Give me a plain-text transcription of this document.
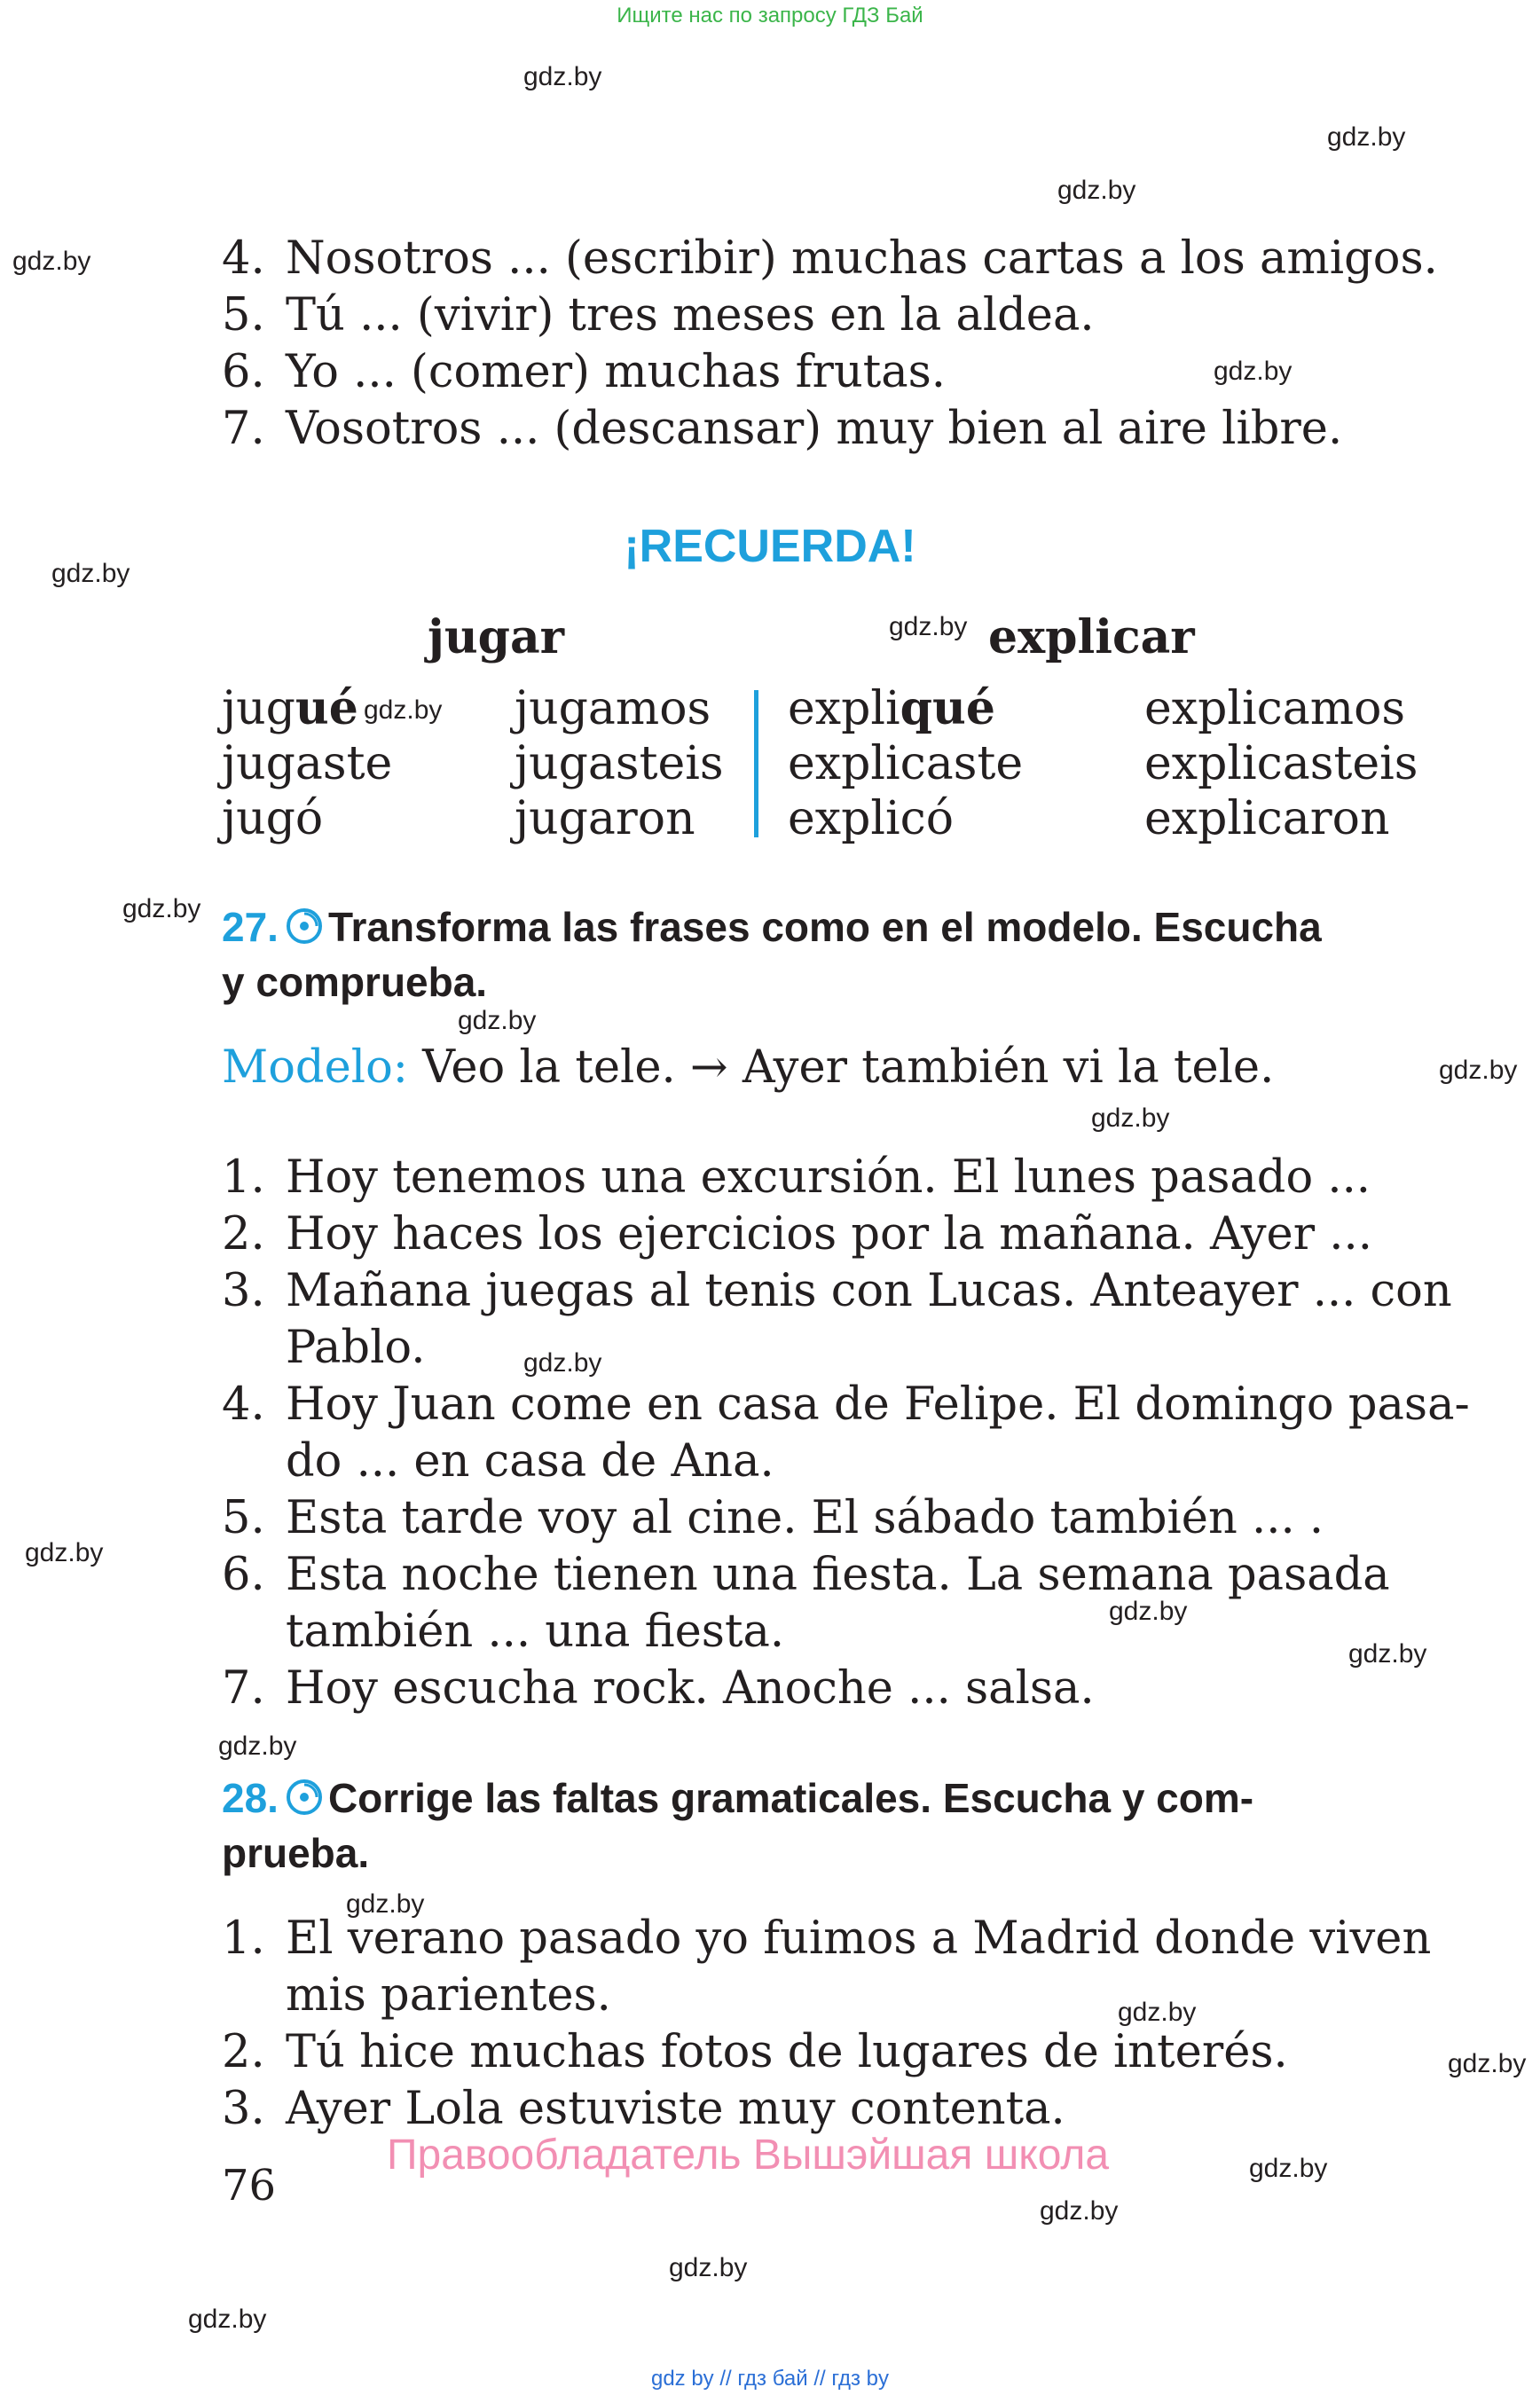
Ищите нас по запросу ГДЗ Бай
gdz.by
gdz.by
gdz.by
gdz.by
gdz.by
gdz.by
gdz.by
gdz.by
gdz.by
gdz.by
gdz.by
gdz.by
gdz.by
gdz.by
gdz.by
gdz.by
gdz.by
gdz.by
gdz.by
gdz.by
gdz.by
gdz.by
gdz.by
gdz.by
4. Nosotros ... (escribir) muchas cartas a los amigos.
5. Tú ... (vivir) tres meses en la aldea.
6. Yo ... (comer) muchas frutas.
7. Vosotros ... (descansar) muy bien al aire libre.
¡RECUERDA!
jugar	explicar
jugué
jugaste
jugó
jugamos
jugasteis
jugaron
expliqué
explicaste
explicó
explicamos
explicasteis
explicaron
27. Transforma las frases como en el modelo. Escucha
y comprueba.
Modelo: Veo la tele. → Ayer también vi la tele.
1. Hoy tenemos una excursión. El lunes pasado ...
2. Hoy haces los ejercicios por la mañana. Ayer ...
3. Mañana juegas al tenis con Lucas. Anteayer ... con
Pablo.
4. Hoy Juan come en casa de Felipe. El domingo pasa-
do ... en casa de Ana.
5. Esta tarde voy al cine. El sábado también ... .
6. Esta noche tienen una fiesta. La semana pasada
también ... una fiesta.
7. Hoy escucha rock. Anoche ... salsa.
28. Corrige las faltas gramaticales. Escucha y com-
prueba.
1. El verano pasado yo fuimos a Madrid donde viven
mis parientes.
2. Tú hice muchas fotos de lugares de interés.
3. Ayer Lola estuviste muy contenta.
Правообладатель Вышэйшая школа
76
gdz by // гдз бай // гдз by
